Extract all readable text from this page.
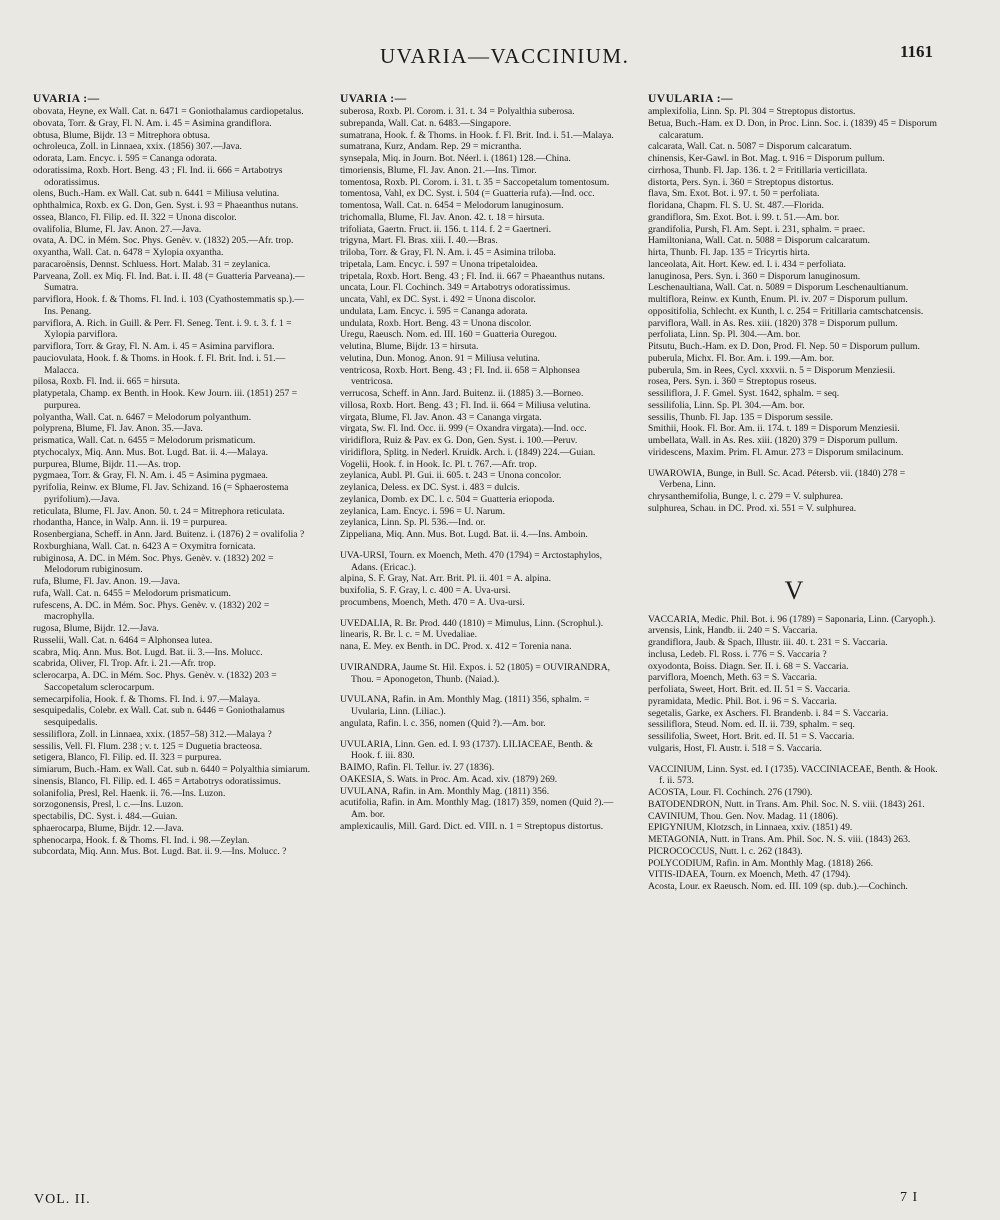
UVARIA—VACCINIUM.	1161
UVARIA :—
obovata, Heyne, ex Wall. Cat. n. 6471 = Goniothalamus cardiopetalus.
obovata, Torr. & Gray, Fl. N. Am. i. 45 = Asimina grandiflora.
obtusa, Blume, Bijdr. 13 = Mitrephora obtusa.
ochroleuca, Zoll. in Linnaea, xxix. (1856) 307.—Java.
odorata, Lam. Encyc. i. 595 = Cananga odorata.
odoratissima, Roxb. Hort. Beng. 43 ; Fl. Ind. ii. 666 = Artabotrys odoratissimus.
olens, Buch.-Ham. ex Wall. Cat. sub n. 6441 = Miliusa velutina.
ophthalmica, Roxb. ex G. Don, Gen. Syst. i. 93 = Phaeanthus nutans.
ossea, Blanco, Fl. Filip. ed. II. 322 = Unona discolor.
ovalifolia, Blume, Fl. Jav. Anon. 27.—Java.
ovata, A. DC. in Mém. Soc. Phys. Genèv. v. (1832) 205.—Afr. trop.
oxyantha, Wall. Cat. n. 6478 = Xylopia oxyantha.
paracaroënsis, Dennst. Schluess. Hort. Malab. 31 = zeylanica.
Parveana, Zoll. ex Miq. Fl. Ind. Bat. i. II. 48 (= Guatteria Parveana).—Sumatra.
parviflora, Hook. f. & Thoms. Fl. Ind. i. 103 (Cyathostemmatis sp.).—Ins. Penang.
parviflora, A. Rich. in Guill. & Perr. Fl. Seneg. Tent. i. 9. t. 3. f. 1 = Xylopia parviflora.
parviflora, Torr. & Gray, Fl. N. Am. i. 45 = Asimina parviflora.
pauciovulata, Hook. f. & Thoms. in Hook. f. Fl. Brit. Ind. i. 51.—Malacca.
pilosa, Roxb. Fl. Ind. ii. 665 = hirsuta.
platypetala, Champ. ex Benth. in Hook. Kew Journ. iii. (1851) 257 = purpurea.
polyantha, Wall. Cat. n. 6467 = Melodorum polyanthum.
polyprena, Blume, Fl. Jav. Anon. 35.—Java.
prismatica, Wall. Cat. n. 6455 = Melodorum prismaticum.
ptychocalyx, Miq. Ann. Mus. Bot. Lugd. Bat. ii. 4.—Malaya.
purpurea, Blume, Bijdr. 11.—As. trop.
pygmaea, Torr. & Gray, Fl. N. Am. i. 45 = Asimina pygmaea.
pyrifolia, Reinw. ex Blume, Fl. Jav. Schizand. 16 (= Sphaerostema pyrifolium).—Java.
reticulata, Blume, Fl. Jav. Anon. 50. t. 24 = Mitrephora reticulata.
rhodantha, Hance, in Walp. Ann. ii. 19 = purpurea.
Rosenbergiana, Scheff. in Ann. Jard. Buitenz. i. (1876) 2 = ovalifolia ?
Roxburghiana, Wall. Cat. n. 6423 A = Oxymitra fornicata.
rubiginosa, A. DC. in Mém. Soc. Phys. Genèv. v. (1832) 202 = Melodorum rubiginosum.
rufa, Blume, Fl. Jav. Anon. 19.—Java.
rufa, Wall. Cat. n. 6455 = Melodorum prismaticum.
rufescens, A. DC. in Mém. Soc. Phys. Genèv. v. (1832) 202 = macrophylla.
rugosa, Blume, Bijdr. 12.—Java.
Russelii, Wall. Cat. n. 6464 = Alphonsea lutea.
scabra, Miq. Ann. Mus. Bot. Lugd. Bat. ii. 3.—Ins. Molucc.
scabrida, Oliver, Fl. Trop. Afr. i. 21.—Afr. trop.
sclerocarpa, A. DC. in Mém. Soc. Phys. Genèv. v. (1832) 203 = Saccopetalum sclerocarpum.
semecarpifolia, Hook. f. & Thoms. Fl. Ind. i. 97.—Malaya.
sesquipedalis, Colebr. ex Wall. Cat. sub n. 6446 = Goniothalamus sesquipedalis.
sessiliflora, Zoll. in Linnaea, xxix. (1857–58) 312.—Malaya ?
sessilis, Vell. Fl. Flum. 238 ; v. t. 125 = Duguetia bracteosa.
setigera, Blanco, Fl. Filip. ed. II. 323 = purpurea.
simiarum, Buch.-Ham. ex Wall. Cat. sub n. 6440 = Polyalthia simiarum.
sinensis, Blanco, Fl. Filip. ed. I. 465 = Artabotrys odoratissimus.
solanifolia, Presl, Rel. Haenk. ii. 76.—Ins. Luzon.
sorzogonensis, Presl, l. c.—Ins. Luzon.
spectabilis, DC. Syst. i. 484.—Guian.
sphaerocarpa, Blume, Bijdr. 12.—Java.
sphenocarpa, Hook. f. & Thoms. Fl. Ind. i. 98.—Zeylan.
subcordata, Miq. Ann. Mus. Bot. Lugd. Bat. ii. 9.—Ins. Molucc. ?
UVARIA :—
suberosa, Roxb. Pl. Corom. i. 31. t. 34 = Polyalthia suberosa.
subrepanda, Wall. Cat. n. 6483.—Singapore.
sumatrana, Hook. f. & Thoms. in Hook. f. Fl. Brit. Ind. i. 51.—Malaya.
sumatrana, Kurz, Andam. Rep. 29 = micrantha.
synsepala, Miq. in Journ. Bot. Néerl. i. (1861) 128.—China.
timoriensis, Blume, Fl. Jav. Anon. 21.—Ins. Timor.
tomentosa, Roxb. Pl. Corom. i. 31. t. 35 = Saccopetalum tomentosum.
tomentosa, Vahl, ex DC. Syst. i. 504 (= Guatteria rufa).—Ind. occ.
tomentosa, Wall. Cat. n. 6454 = Melodorum lanuginosum.
trichomalla, Blume, Fl. Jav. Anon. 42. t. 18 = hirsuta.
trifoliata, Gaertn. Fruct. ii. 156. t. 114. f. 2 = Gaertneri.
trigyna, Mart. Fl. Bras. xiii. I. 40.—Bras.
triloba, Torr. & Gray, Fl. N. Am. i. 45 = Asimina triloba.
tripetala, Lam. Encyc. i. 597 = Unona tripetaloidea.
tripetala, Roxb. Hort. Beng. 43 ; Fl. Ind. ii. 667 = Phaeanthus nutans.
uncata, Lour. Fl. Cochinch. 349 = Artabotrys odoratissimus.
uncata, Vahl, ex DC. Syst. i. 492 = Unona discolor.
undulata, Lam. Encyc. i. 595 = Cananga adorata.
undulata, Roxb. Hort. Beng. 43 = Unona discolor.
Uregu, Raeusch. Nom. ed. III. 160 = Guatteria Ouregou.
velutina, Blume, Bijdr. 13 = hirsuta.
velutina, Dun. Monog. Anon. 91 = Miliusa velutina.
ventricosa, Roxb. Hort. Beng. 43 ; Fl. Ind. ii. 658 = Alphonsea ventricosa.
verrucosa, Scheff. in Ann. Jard. Buitenz. ii. (1885) 3.—Borneo.
villosa, Roxb. Hort. Beng. 43 ; Fl. Ind. ii. 664 = Miliusa velutina.
virgata, Blume, Fl. Jav. Anon. 43 = Cananga virgata.
virgata, Sw. Fl. Ind. Occ. ii. 999 (= Oxandra virgata).—Ind. occ.
viridiflora, Ruiz & Pav. ex G. Don, Gen. Syst. i. 100.—Peruv.
viridiflora, Splitg. in Nederl. Kruidk. Arch. i. (1849) 224.—Guian.
Vogelii, Hook. f. in Hook. Ic. Pl. t. 767.—Afr. trop.
zeylanica, Aubl. Pl. Gui. ii. 605. t. 243 = Unona concolor.
zeylanica, Deless. ex DC. Syst. i. 483 = dulcis.
zeylanica, Domb. ex DC. l. c. 504 = Guatteria eriopoda.
zeylanica, Lam. Encyc. i. 596 = U. Narum.
zeylanica, Linn. Sp. Pl. 536.—Ind. or.
Zippeliana, Miq. Ann. Mus. Bot. Lugd. Bat. ii. 4.—Ins. Amboin.
UVA-URSI, Tourn. ex Moench, Meth. 470 (1794) = Arctostaphylos, Adans. (Ericac.).
alpina, S. F. Gray, Nat. Arr. Brit. Pl. ii. 401 = A. alpina.
buxifolia, S. F. Gray, l. c. 400 = A. Uva-ursi.
procumbens, Moench, Meth. 470 = A. Uva-ursi.
UVEDALIA, R. Br. Prod. 440 (1810) = Mimulus, Linn. (Scrophul.).
linearis, R. Br. l. c. = M. Uvedaliae.
nana, E. Mey. ex Benth. in DC. Prod. x. 412 = Torenia nana.
UVIRANDRA, Jaume St. Hil. Expos. i. 52 (1805) = OUVIRANDRA, Thou. = Aponogeton, Thunb. (Naiad.).
UVULANA, Rafin. in Am. Monthly Mag. (1811) 356, sphalm. = Uvularia, Linn. (Liliac.).
angulata, Rafin. l. c. 356, nomen (Quid ?).—Am. bor.
UVULARIA, Linn. Gen. ed. I. 93 (1737). LILIACEAE, Benth. & Hook. f. iii. 830.
BAIMO, Rafin. Fl. Tellur. iv. 27 (1836).
OAKESIA, S. Wats. in Proc. Am. Acad. xiv. (1879) 269.
UVULANA, Rafin. in Am. Monthly Mag. (1811) 356.
acutifolia, Rafin. in Am. Monthly Mag. (1817) 359, nomen (Quid ?).—Am. bor.
amplexicaulis, Mill. Gard. Dict. ed. VIII. n. 1 = Streptopus distortus.
UVULARIA :—
amplexifolia, Linn. Sp. Pl. 304 = Streptopus distortus.
Betua, Buch.-Ham. ex D. Don, in Proc. Linn. Soc. i. (1839) 45 = Disporum calcaratum.
calcarata, Wall. Cat. n. 5087 = Disporum calcaratum.
chinensis, Ker-Gawl. in Bot. Mag. t. 916 = Disporum pullum.
cirrhosa, Thunb. Fl. Jap. 136. t. 2 = Fritillaria verticillata.
distorta, Pers. Syn. i. 360 = Streptopus distortus.
flava, Sm. Exot. Bot. i. 97. t. 50 = perfoliata.
floridana, Chapm. Fl. S. U. St. 487.—Florida.
grandiflora, Sm. Exot. Bot. i. 99. t. 51.—Am. bor.
grandifolia, Pursh, Fl. Am. Sept. i. 231, sphalm. = praec.
Hamiltoniana, Wall. Cat. n. 5088 = Disporum calcaratum.
hirta, Thunb. Fl. Jap. 135 = Tricyrtis hirta.
lanceolata, Ait. Hort. Kew. ed. I. i. 434 = perfoliata.
lanuginosa, Pers. Syn. i. 360 = Disporum lanuginosum.
Leschenaultiana, Wall. Cat. n. 5089 = Disporum Leschenaultianum.
multiflora, Reinw. ex Kunth, Enum. Pl. iv. 207 = Disporum pullum.
oppositifolia, Schlecht. ex Kunth, l. c. 254 = Fritillaria camtschatcensis.
parviflora, Wall. in As. Res. xiii. (1820) 378 = Disporum pullum.
perfoliata, Linn. Sp. Pl. 304.—Am. bor.
Pitsutu, Buch.-Ham. ex D. Don, Prod. Fl. Nep. 50 = Disporum pullum.
puberula, Michx. Fl. Bor. Am. i. 199.—Am. bor.
puberula, Sm. in Rees, Cycl. xxxvii. n. 5 = Disporum Menziesii.
rosea, Pers. Syn. i. 360 = Streptopus roseus.
sessiliflora, J. F. Gmel. Syst. 1642, sphalm. = seq.
sessilifolia, Linn. Sp. Pl. 304.—Am. bor.
sessilis, Thunb. Fl. Jap. 135 = Disporum sessile.
Smithii, Hook. Fl. Bor. Am. ii. 174. t. 189 = Disporum Menziesii.
umbellata, Wall. in As. Res. xiii. (1820) 379 = Disporum pullum.
viridescens, Maxim. Prim. Fl. Amur. 273 = Disporum smilacinum.
UWAROWIA, Bunge, in Bull. Sc. Acad. Pétersb. vii. (1840) 278 = Verbena, Linn.
chrysanthemifolia, Bunge, l. c. 279 = V. sulphurea.
sulphurea, Schau. in DC. Prod. xi. 551 = V. sulphurea.
V
VACCARIA, Medic. Phil. Bot. i. 96 (1789) = Saponaria, Linn. (Caryoph.).
arvensis, Link, Handb. ii. 240 = S. Vaccaria.
grandiflora, Jaub. & Spach, Illustr. iii. 40. t. 231 = S. Vaccaria.
inclusa, Ledeb. Fl. Ross. i. 776 = S. Vaccaria ?
oxyodonta, Boiss. Diagn. Ser. II. i. 68 = S. Vaccaria.
parviflora, Moench, Meth. 63 = S. Vaccaria.
perfoliata, Sweet, Hort. Brit. ed. II. 51 = S. Vaccaria.
pyramidata, Medic. Phil. Bot. i. 96 = S. Vaccaria.
segetalis, Garke, ex Aschers. Fl. Brandenb. i. 84 = S. Vaccaria.
sessiliflora, Steud. Nom. ed. II. ii. 739, sphalm. = seq.
sessilifolia, Sweet, Hort. Brit. ed. II. 51 = S. Vaccaria.
vulgaris, Host, Fl. Austr. i. 518 = S. Vaccaria.
VACCINIUM, Linn. Syst. ed. I (1735). VACCINIACEAE, Benth. & Hook. f. ii. 573.
ACOSTA, Lour. Fl. Cochinch. 276 (1790).
BATODENDRON, Nutt. in Trans. Am. Phil. Soc. N. S. viii. (1843) 261.
CAVINIUM, Thou. Gen. Nov. Madag. 11 (1806).
EPIGYNIUM, Klotzsch, in Linnaea, xxiv. (1851) 49.
METAGONIA, Nutt. in Trans. Am. Phil. Soc. N. S. viii. (1843) 263.
PICROCOCCUS, Nutt. l. c. 262 (1843).
POLYCODIUM, Rafin. in Am. Monthly Mag. (1818) 266.
VITIS-IDAEA, Tourn. ex Moench, Meth. 47 (1794).
Acosta, Lour. ex Raeusch. Nom. ed. III. 109 (sp. dub.).—Cochinch.
VOL. II.	7 I
